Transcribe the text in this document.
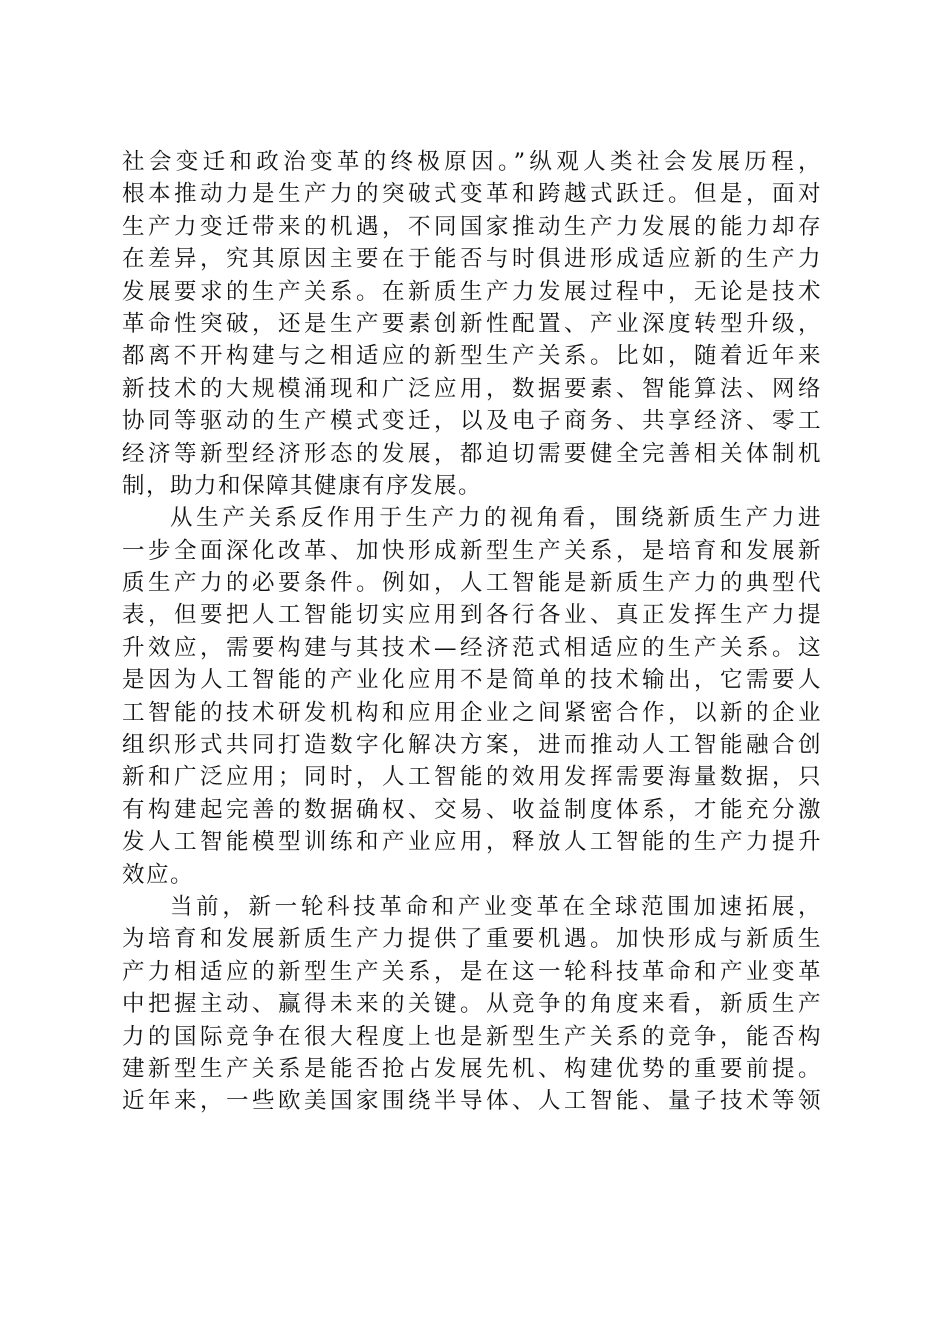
社会变迁和政治变革的终极原因。”纵观人类社会发展历程，
根本推动力是生产力的突破式变革和跨越式跃迁。但是，面对
生产力变迁带来的机遇，不同国家推动生产力发展的能力却存
在差异，究其原因主要在于能否与时俱进形成适应新的生产力
发展要求的生产关系。在新质生产力发展过程中，无论是技术
革命性突破，还是生产要素创新性配置、产业深度转型升级，
都离不开构建与之相适应的新型生产关系。比如，随着近年来
新技术的大规模涌现和广泛应用，数据要素、智能算法、网络
协同等驱动的生产模式变迁，以及电子商务、共享经济、零工
经济等新型经济形态的发展，都迫切需要健全完善相关体制机
制，助力和保障其健康有序发展。
从生产关系反作用于生产力的视角看，围绕新质生产力进
一步全面深化改革、加快形成新型生产关系，是培育和发展新
质生产力的必要条件。例如，人工智能是新质生产力的典型代
表，但要把人工智能切实应用到各行各业、真正发挥生产力提
升效应，需要构建与其技术—经济范式相适应的生产关系。这
是因为人工智能的产业化应用不是简单的技术输出，它需要人
工智能的技术研发机构和应用企业之间紧密合作，以新的企业
组织形式共同打造数字化解决方案，进而推动人工智能融合创
新和广泛应用；同时，人工智能的效用发挥需要海量数据，只
有构建起完善的数据确权、交易、收益制度体系，才能充分激
发人工智能模型训练和产业应用，释放人工智能的生产力提升
效应。
当前，新一轮科技革命和产业变革在全球范围加速拓展，
为培育和发展新质生产力提供了重要机遇。加快形成与新质生
产力相适应的新型生产关系，是在这一轮科技革命和产业变革
中把握主动、赢得未来的关键。从竞争的角度来看，新质生产
力的国际竞争在很大程度上也是新型生产关系的竞争，能否构
建新型生产关系是能否抢占发展先机、构建优势的重要前提。
近年来，一些欧美国家围绕半导体、人工智能、量子技术等领
